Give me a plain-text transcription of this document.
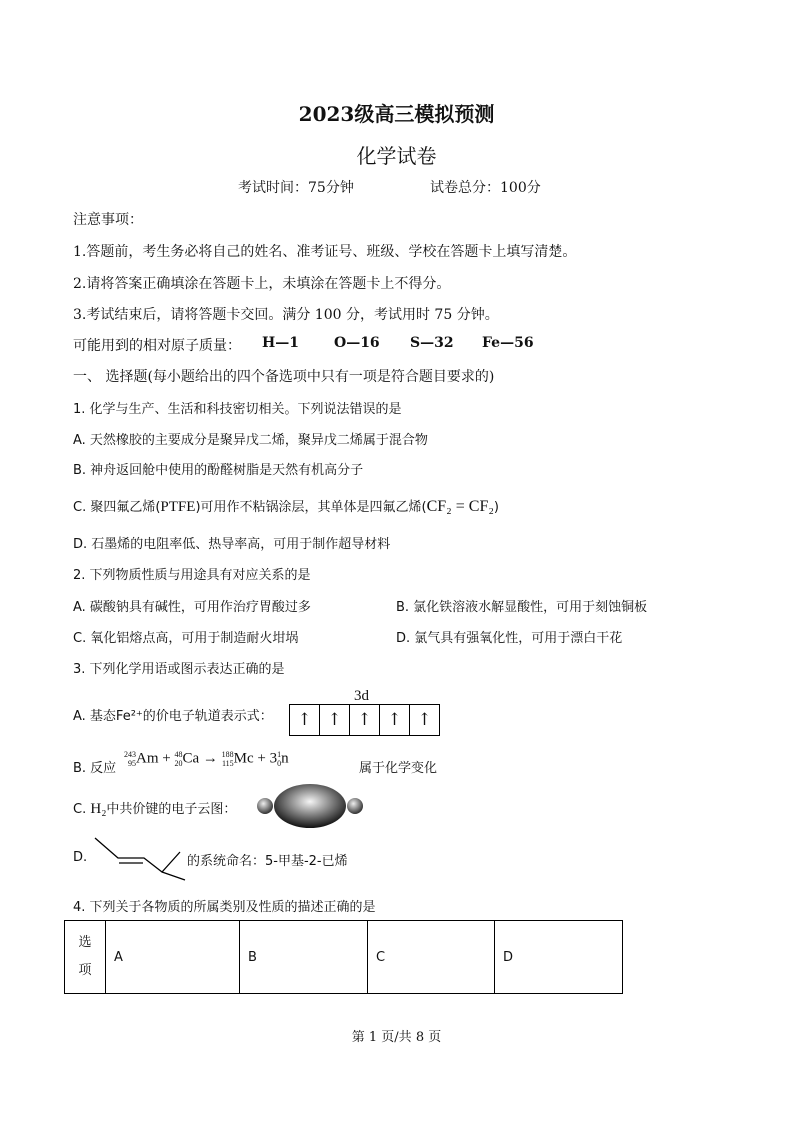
2023级高三模拟预测
化学试卷
考试时间：75分钟	试卷总分：100分
注意事项：
1.答题前，考生务必将自己的姓名、准考证号、班级、学校在答题卡上填写清楚。
2.请将答案正确填涂在答题卡上，未填涂在答题卡上不得分。
3.考试结束后，请将答题卡交回。满分 100 分，考试用时 75 分钟。
可能用到的相对原子质量： H—1	O—16 S—32 Fe—56
一、 选择题(每小题给出的四个备选项中只有一项是符合题目要求的)
1. 化学与生产、生活和科技密切相关。下列说法错误的是
A. 天然橡胶的主要成分是聚异戊二烯，聚异戊二烯属于混合物
B. 神舟返回舱中使用的酚醛树脂是天然有机高分子
C. 聚四氟乙烯(PTFE)可用作不粘锅涂层，其单体是四氟乙烯(CF₂ = CF₂)
D. 石墨烯的电阻率低、热导率高，可用于制作超导材料
2. 下列物质性质与用途具有对应关系的是
A. 碳酸钠具有碱性，可用作治疗胃酸过多	B. 氯化铁溶液水解显酸性，可用于刻蚀铜板
C. 氧化铝熔点高，可用于制造耐火坩埚	D. 氯气具有强氧化性，可用于漂白干花
3. 下列化学用语或图示表达正确的是
A. 基态Fe²⁺的价电子轨道表示式：
3d
↑ ↑ ↑ ↑ ↑
B. 反应
243
95Am + 48
20Ca → 188
115Mc + 31
0n
属于化学变化
C. H₂中共价键的电子云图：
D.	的系统命名：5-甲基-2-已烯
4. 下列关于各物质的所属类别及性质的描述正确的是
选项	A	B	C	D
第 1 页/共 8 页
